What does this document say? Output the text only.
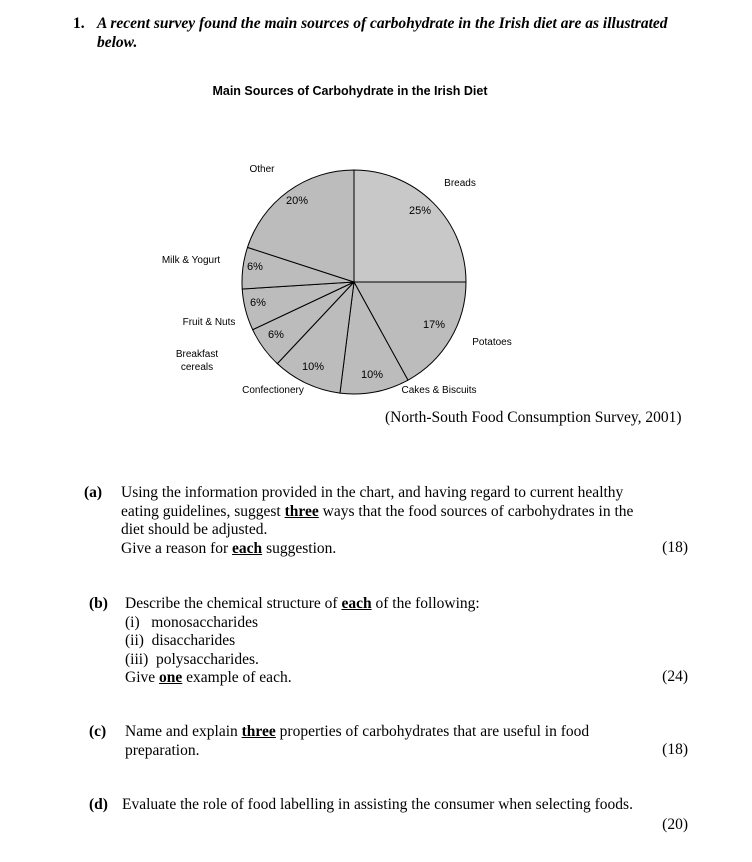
1. A recent survey found the main sources of carbohydrate in the Irish diet are as illustrated
below.
Main Sources of Carbohydrate in the Irish Diet
25%
Breads
17%
Potatoes
10%
Cakes & Biscuits
10%
Confectionery
6%
Breakfast cereals
6%
Fruit & Nuts
6%
Milk & Yogurt
20%
Other
(North-South Food Consumption Survey, 2001)
(a) Using the information provided in the chart, and having regard to current healthy
eating guidelines, suggest three ways that the food sources of carbohydrates in the
diet should be adjusted.
Give a reason for each suggestion.	(18)
(b) Describe the chemical structure of each of the following:
(i)   monosaccharides
(ii)  disaccharides
(iii)  polysaccharides.
Give one example of each.	(24)
(c) Name and explain three properties of carbohydrates that are useful in food
preparation.	(18)
(d) Evaluate the role of food labelling in assisting the consumer when selecting foods.
(20)
